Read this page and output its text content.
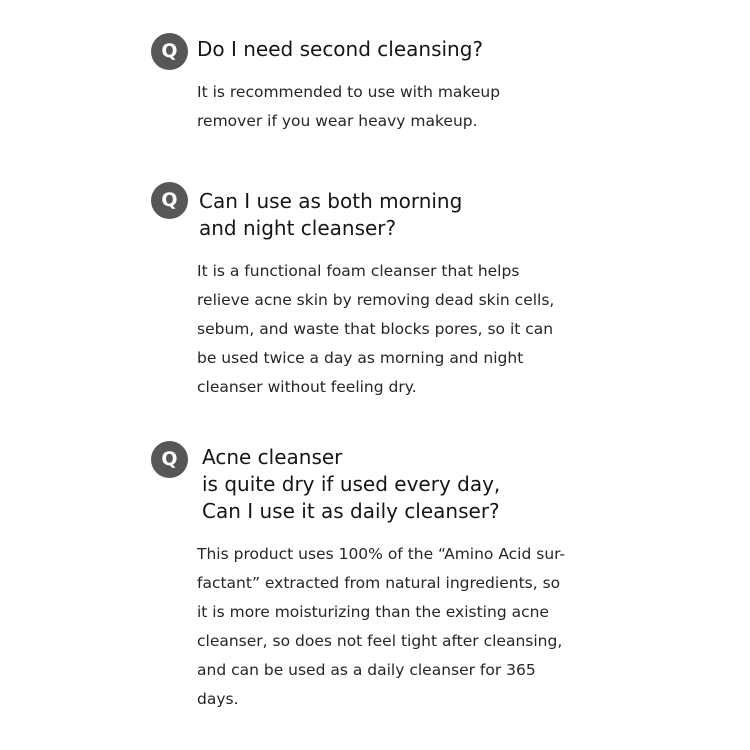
Q Do I need second cleansing?

It is recommended to use with makeup
remover if you wear heavy makeup.

Q	Can I use as both morning
and night cleanser?

It is a functional foam cleanser that helps
relieve acne skin by removing dead skin cells,
sebum, and waste that blocks pores, so it can
be used twice a day as morning and night
cleanser without feeling dry.

Q	Acne cleanser
is quite dry if used every day,
Can I use it as daily cleanser?

This product uses 100% of the “Amino Acid sur-
factant” extracted from natural ingredients, so
it is more moisturizing than the existing acne
cleanser, so does not feel tight after cleansing,
and can be used as a daily cleanser for 365
days.
